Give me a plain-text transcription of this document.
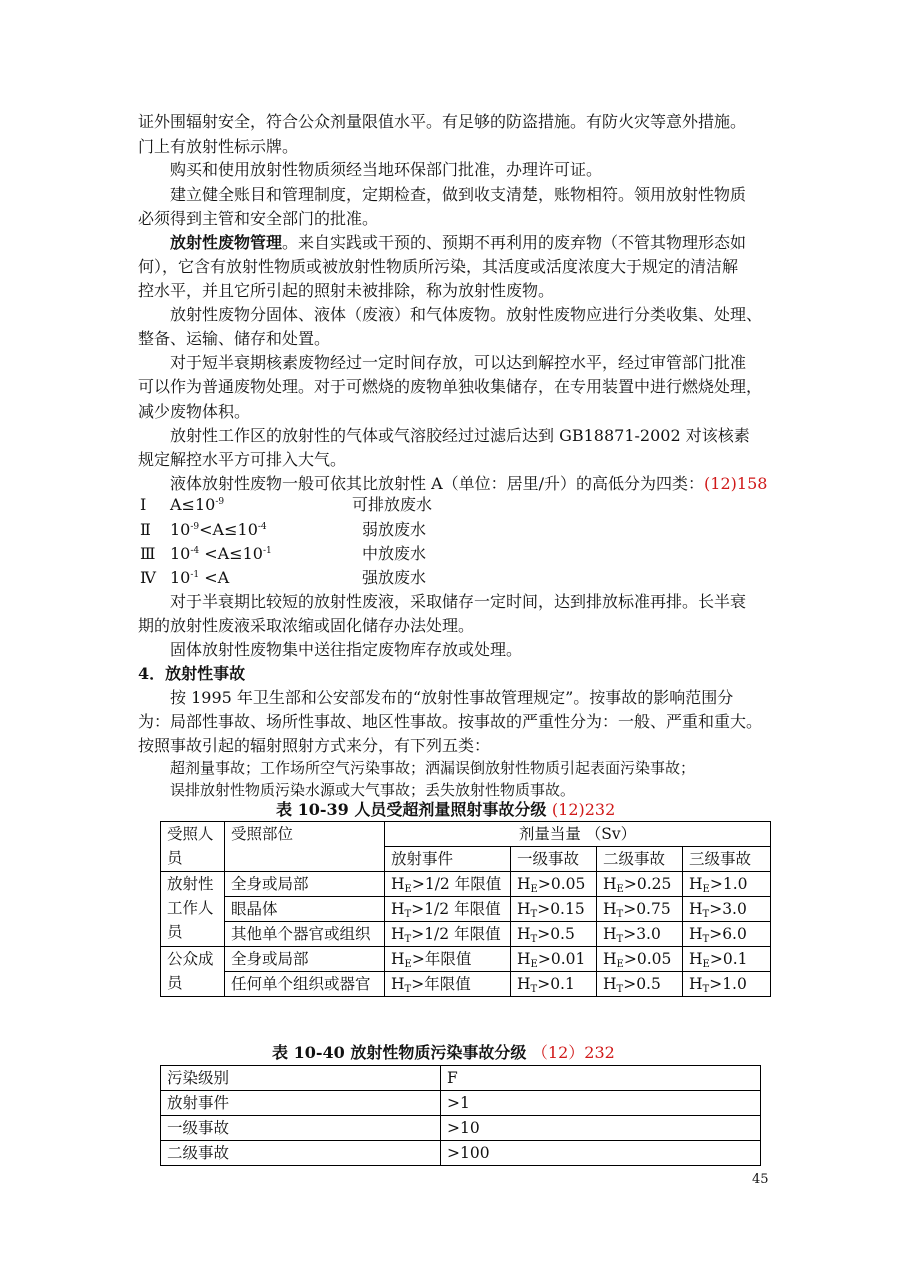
证外围辐射安全，符合公众剂量限值水平。有足够的防盗措施。有防火灾等意外措施。
门上有放射性标示牌。
购买和使用放射性物质须经当地环保部门批准，办理许可证。
建立健全账目和管理制度，定期检查，做到收支清楚，账物相符。领用放射性物质
必须得到主管和安全部门的批准。
放射性废物管理。来自实践或干预的、预期不再利用的废弃物（不管其物理形态如
何），它含有放射性物质或被放射性物质所污染，其活度或活度浓度大于规定的清洁解
控水平，并且它所引起的照射未被排除，称为放射性废物。
放射性废物分固体、液体（废液）和气体废物。放射性废物应进行分类收集、处理、
整备、运输、储存和处置。
对于短半衰期核素废物经过一定时间存放，可以达到解控水平，经过审管部门批准
可以作为普通废物处理。对于可燃烧的废物单独收集储存，在专用装置中进行燃烧处理，
减少废物体积。
放射性工作区的放射性的气体或气溶胶经过过滤后达到 GB18871-2002 对该核素
规定解控水平方可排入大气。
液体放射性废物一般可依其比放射性 A（单位：居里/升）的高低分为四类：(12)158
Ⅰ $A\le 10^{-9}$	可排放废水
Ⅱ $10^{-9}<A\le 10^{-4}$	弱放废水
Ⅲ $10^{-4} <A\le 10^{-1}$	中放废水
Ⅳ $10^{-1} <A$	强放废水
对于半衰期比较短的放射性废液，采取储存一定时间，达到排放标准再排。长半衰
期的放射性废液采取浓缩或固化储存办法处理。
固体放射性废物集中送往指定废物库存放或处理。
4．放射性事故
按 1995 年卫生部和公安部发布的“放射性事故管理规定”。按事故的影响范围分
为：局部性事故、场所性事故、地区性事故。按事故的严重性分为：一般、严重和重大。
按照事故引起的辐射照射方式来分，有下列五类：
超剂量事故；工作场所空气污染事故；洒漏误倒放射性物质引起表面污染事故；
误排放射性物质污染水源或大气事故；丢失放射性物质事故。
表 10-39 人员受超剂量照射事故分级 (12)232
受照人员	受照部位	剂量当量 （Sv）			
		放射事件	一级事故	二级事故	三级事故
放射性工作人员	全身或局部	$H_E>1/2$ 年限值	$H_E>0.05$	$H_E>0.25$	$H_E>1.0$
	眼晶体	$H_T>1/2$ 年限值	$H_T>0.15$	$H_T>0.75$	$H_T>3.0$
	其他单个器官或组织	$H_T>1/2$ 年限值	$H_T>0.5$	$H_T>3.0$	$H_T>6.0$
公众成员	全身或局部	$H_E>$年限值	$H_E>0.01$	$H_E>0.05$	$H_E>0.1$
	任何单个组织或器官	$H_T>$年限值	$H_T>0.1$	$H_T>0.5$	$H_T>1.0$
表 10-40 放射性物质污染事故分级 （12）232
污染级别	F
放射事件	>1
一级事故	>10
二级事故	>100
45
